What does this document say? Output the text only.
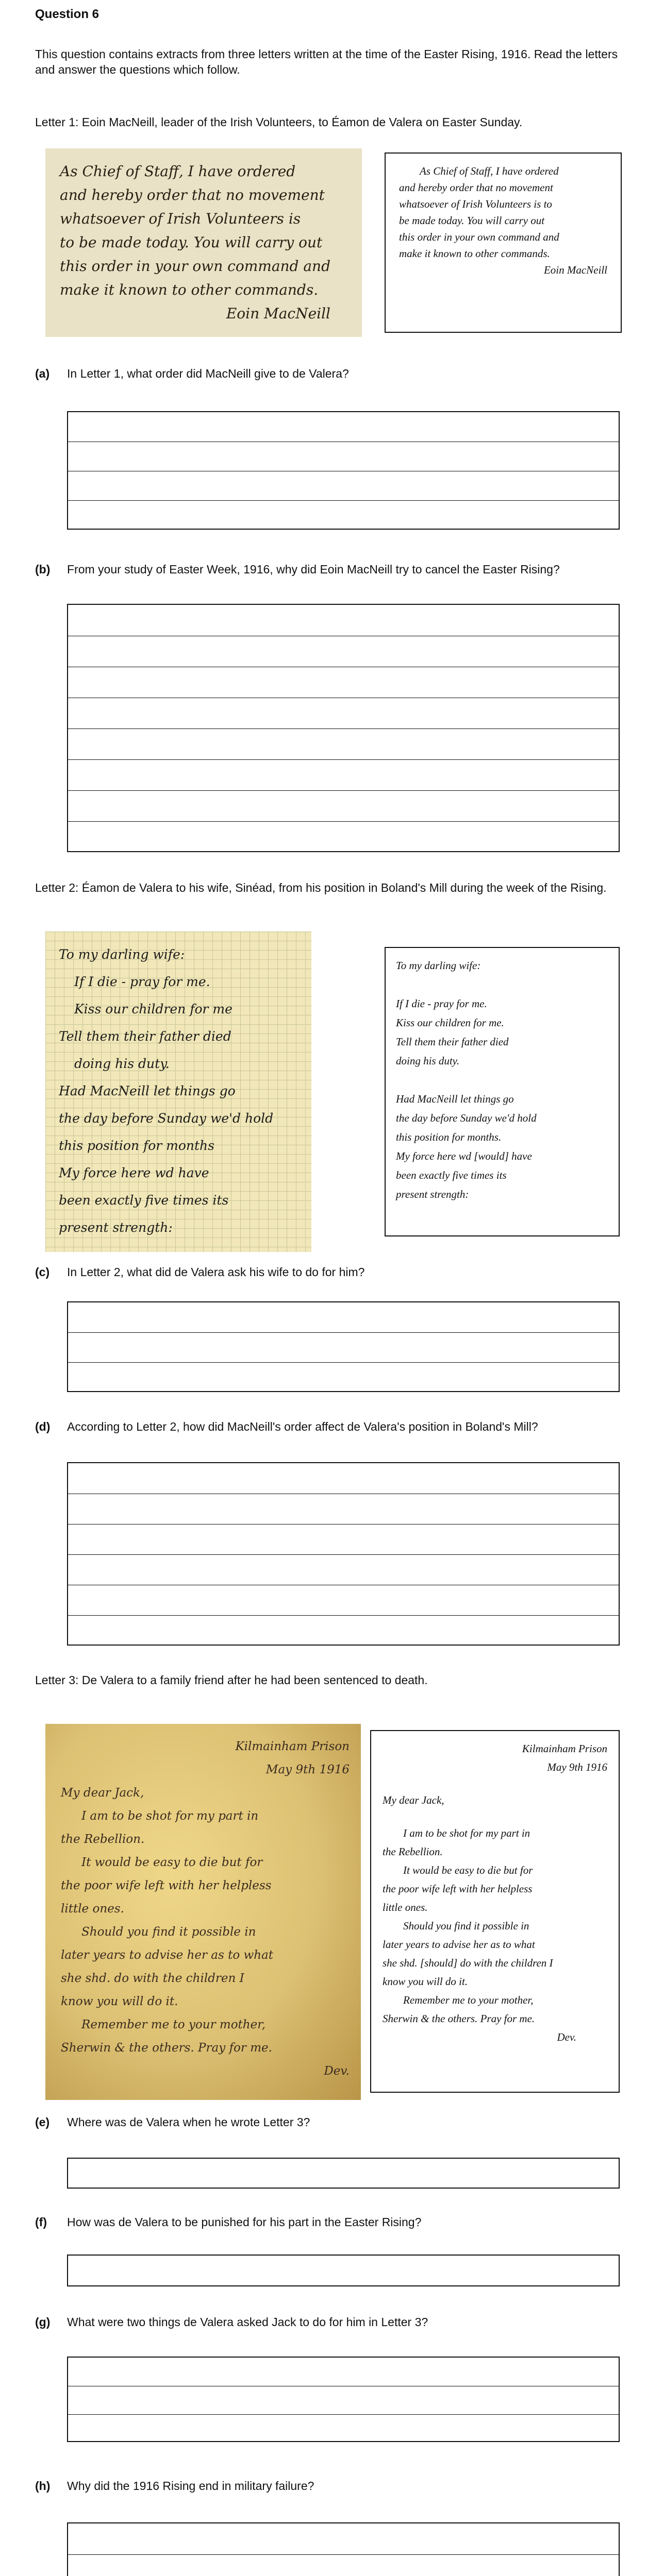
Question 6
This question contains extracts from three letters written at the time of the Easter Rising, 1916. Read the letters and answer the questions which follow.
Letter 1: Eoin MacNeill, leader of the Irish Volunteers, to Éamon de Valera on Easter Sunday.
As Chief of Staff, I have ordered
and hereby order that no movement
whatsoever of Irish Volunteers is
to be made today. You will carry out
this order in your own command and
make it known to other commands.
Eoin MacNeill

As Chief of Staff, I have ordered

and hereby order that no movement

whatsoever of Irish Volunteers is to

be made today. You will carry out

this order in your own command and

make it known to other commands.

Eoin MacNeill

(a) In Letter 1, what order did MacNeill give to de Valera?
(b) From your study of Easter Week, 1916, why did Eoin MacNeill try to cancel the Easter Rising?
Letter 2: Éamon de Valera to his wife, Sinéad, from his position in Boland's Mill during the week of the Rising.
To my darling wife:
If I die - pray for me.
Kiss our children for me
Tell them their father died
doing his duty.
Had MacNeill let things go
the day before Sunday we'd hold
this position for months
My force here wd have
been exactly five times its
present strength:

To my darling wife:

If I die - pray for me.

Kiss our children for me.

Tell them their father died

doing his duty.

Had MacNeill let things go

the day before Sunday we'd hold

this position for months.

My force here wd [would] have

been exactly five times its

present strength:

(c) In Letter 2, what did de Valera ask his wife to do for him?
(d) According to Letter 2, how did MacNeill's order affect de Valera's position in Boland's Mill?
Letter 3: De Valera to a family friend after he had been sentenced to death.
Kilmainham Prison
May 9th 1916
My dear Jack,
I am to be shot for my part in
the Rebellion.
It would be easy to die but for
the poor wife left with her helpless
little ones.
Should you find it possible in
later years to advise her as to what
she shd. do with the children I
know you will do it.
Remember me to your mother,
Sherwin & the others. Pray for me.
Dev.

Kilmainham Prison

May 9th 1916

My dear Jack,

I am to be shot for my part in

the Rebellion.

It would be easy to die but for

the poor wife left with her helpless

little ones.

Should you find it possible in

later years to advise her as to what

she shd. [should] do with the children I

know you will do it.

Remember me to your mother,

Sherwin & the others. Pray for me.

Dev.

(e) Where was de Valera when he wrote Letter 3?
(f) How was de Valera to be punished for his part in the Easter Rising?
(g) What were two things de Valera asked Jack to do for him in Letter 3?
(h) Why did the 1916 Rising end in military failure?
